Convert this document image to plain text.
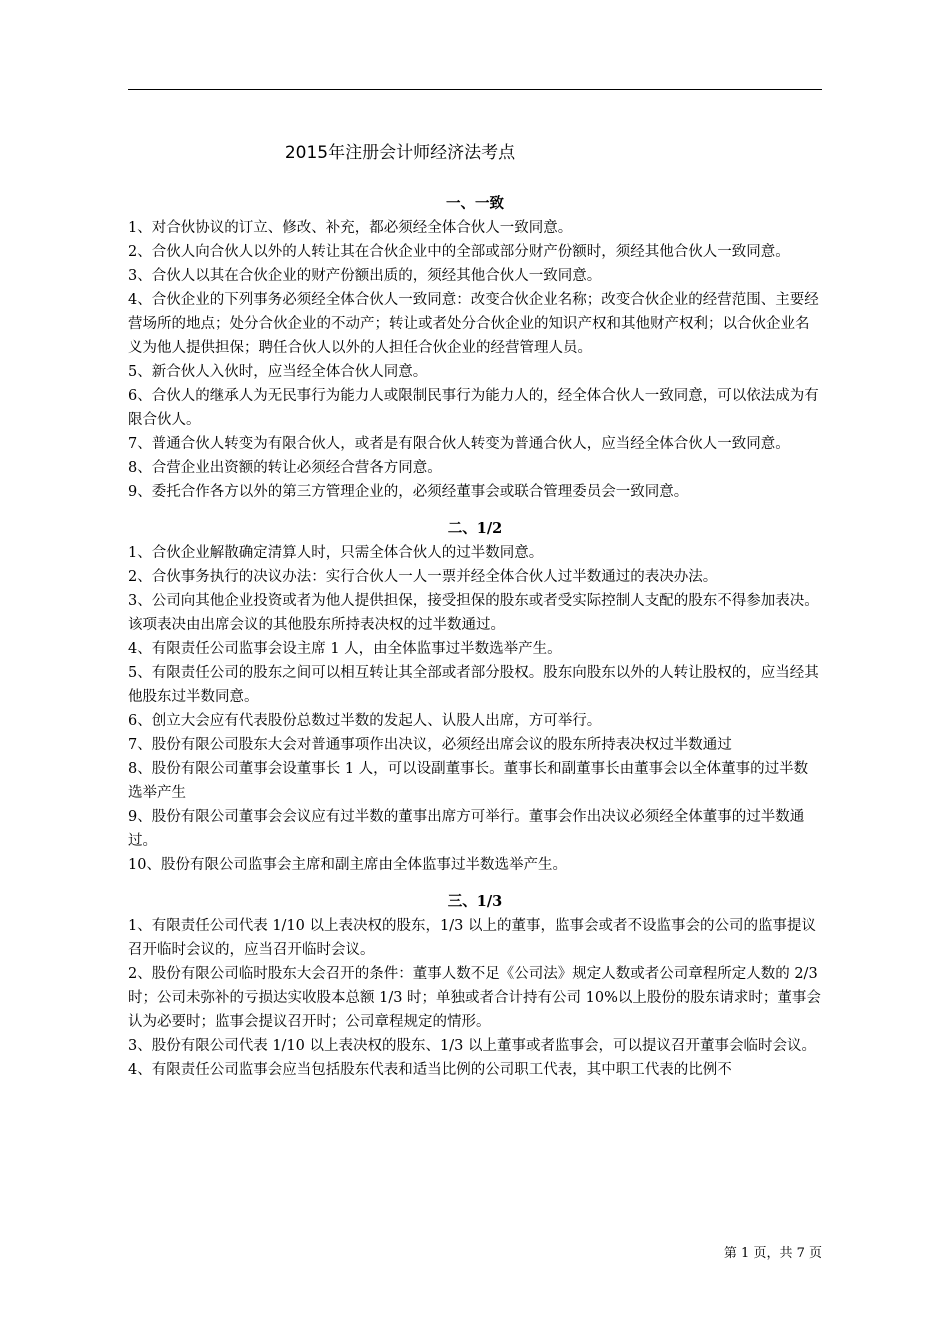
2015年注册会计师经济法考点

一、一致

1、对合伙协议的订立、修改、补充，都必须经全体合伙人一致同意。

2、合伙人向合伙人以外的人转让其在合伙企业中的全部或部分财产份额时，须经其他合伙人一致同意。

3、合伙人以其在合伙企业的财产份额出质的，须经其他合伙人一致同意。

4、合伙企业的下列事务必须经全体合伙人一致同意：改变合伙企业名称；改变合伙企业的经营范围、主要经营场所的地点；处分合伙企业的不动产；转让或者处分合伙企业的知识产权和其他财产权利；以合伙企业名义为他人提供担保；聘任合伙人以外的人担任合伙企业的经营管理人员。

5、新合伙人入伙时，应当经全体合伙人同意。

6、合伙人的继承人为无民事行为能力人或限制民事行为能力人的，经全体合伙人一致同意，可以依法成为有限合伙人。

7、普通合伙人转变为有限合伙人，或者是有限合伙人转变为普通合伙人，应当经全体合伙人一致同意。

8、合营企业出资额的转让必须经合营各方同意。

9、委托合作各方以外的第三方管理企业的，必须经董事会或联合管理委员会一致同意。

二、1/2

1、合伙企业解散确定清算人时，只需全体合伙人的过半数同意。

2、合伙事务执行的决议办法：实行合伙人一人一票并经全体合伙人过半数通过的表决办法。

3、公司向其他企业投资或者为他人提供担保，接受担保的股东或者受实际控制人支配的股东不得参加表决。该项表决由出席会议的其他股东所持表决权的过半数通过。

4、有限责任公司监事会设主席 1 人，由全体监事过半数选举产生。

5、有限责任公司的股东之间可以相互转让其全部或者部分股权。股东向股东以外的人转让股权的，应当经其他股东过半数同意。

6、创立大会应有代表股份总数过半数的发起人、认股人出席，方可举行。

7、股份有限公司股东大会对普通事项作出决议，必须经出席会议的股东所持表决权过半数通过

8、股份有限公司董事会设董事长 1 人，可以设副董事长。董事长和副董事长由董事会以全体董事的过半数选举产生

9、股份有限公司董事会会议应有过半数的董事出席方可举行。董事会作出决议必须经全体董事的过半数通过。

10、股份有限公司监事会主席和副主席由全体监事过半数选举产生。

三、1/3

1、有限责任公司代表 1/10 以上表决权的股东，1/3 以上的董事，监事会或者不设监事会的公司的监事提议召开临时会议的，应当召开临时会议。

2、股份有限公司临时股东大会召开的条件：董事人数不足《公司法》规定人数或者公司章程所定人数的 2/3 时；公司未弥补的亏损达实收股本总额 1/3 时；单独或者合计持有公司 10%以上股份的股东请求时；董事会认为必要时；监事会提议召开时；公司章程规定的情形。

3、股份有限公司代表 1/10 以上表决权的股东、1/3 以上董事或者监事会，可以提议召开董事会临时会议。

4、有限责任公司监事会应当包括股东代表和适当比例的公司职工代表，其中职工代表的比例不

第 1 页，共 7 页
